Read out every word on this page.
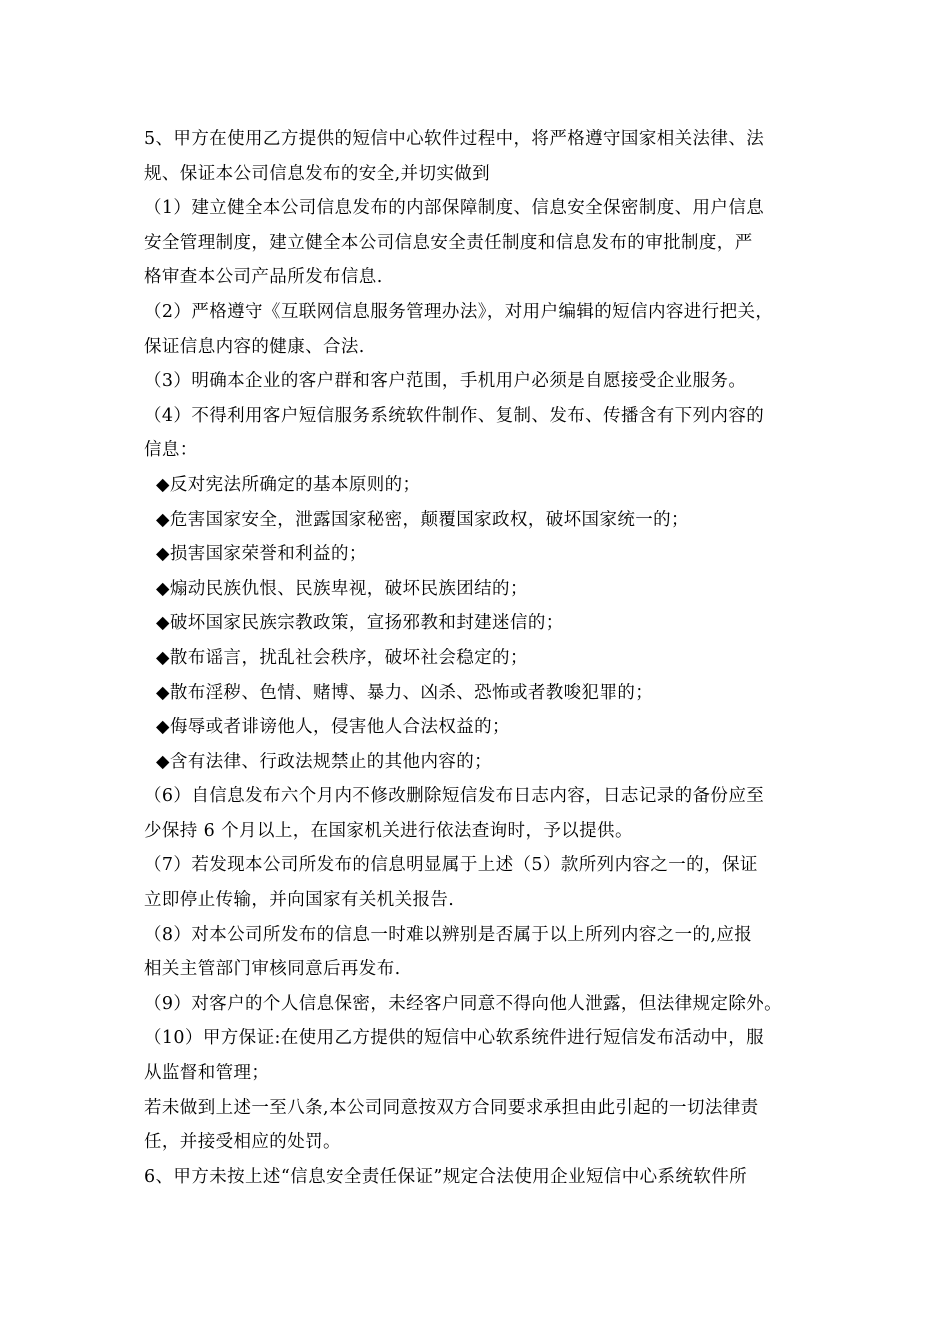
5、甲方在使用乙方提供的短信中心软件过程中，将严格遵守国家相关法律、法
规、保证本公司信息发布的安全,并切实做到
（1）建立健全本公司信息发布的内部保障制度、信息安全保密制度、用户信息
安全管理制度，建立健全本公司信息安全责任制度和信息发布的审批制度，严
格审查本公司产品所发布信息.
（2）严格遵守《互联网信息服务管理办法》，对用户编辑的短信内容进行把关，
保证信息内容的健康、合法.
（3）明确本企业的客户群和客户范围，手机用户必须是自愿接受企业服务。
（4）不得利用客户短信服务系统软件制作、复制、发布、传播含有下列内容的
信息：
◆反对宪法所确定的基本原则的；
◆危害国家安全，泄露国家秘密，颠覆国家政权，破坏国家统一的；
◆损害国家荣誉和利益的；
◆煽动民族仇恨、民族卑视，破坏民族团结的；
◆破坏国家民族宗教政策，宣扬邪教和封建迷信的；
◆散布谣言，扰乱社会秩序，破坏社会稳定的；
◆散布淫秽、色情、赌博、暴力、凶杀、恐怖或者教唆犯罪的；
◆侮辱或者诽谤他人，侵害他人合法权益的；
◆含有法律、行政法规禁止的其他内容的；
（6）自信息发布六个月内不修改删除短信发布日志内容，日志记录的备份应至
少保持 6 个月以上，在国家机关进行依法查询时，予以提供。
（7）若发现本公司所发布的信息明显属于上述（5）款所列内容之一的，保证
立即停止传输，并向国家有关机关报告.
（8）对本公司所发布的信息一时难以辨别是否属于以上所列内容之一的,应报
相关主管部门审核同意后再发布.
（9）对客户的个人信息保密，未经客户同意不得向他人泄露，但法律规定除外。
（10）甲方保证:在使用乙方提供的短信中心软系统件进行短信发布活动中，服
从监督和管理；
若未做到上述一至八条,本公司同意按双方合同要求承担由此引起的一切法律责
任，并接受相应的处罚。
6、甲方未按上述“信息安全责任保证”规定合法使用企业短信中心系统软件所
